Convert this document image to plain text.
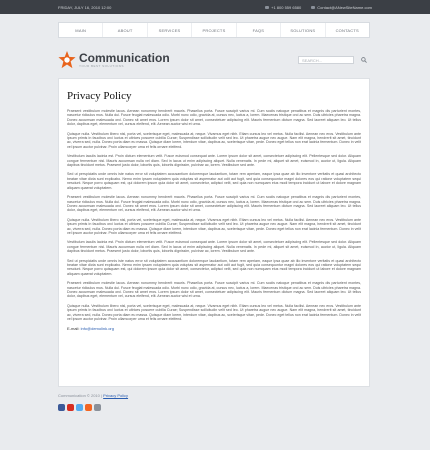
FRIDAY, JULY 16, 2010 12:00	+1 800 559 6580	Contact@ANewSiteName.com
MAIN	ABOUT	SERVICES	PROJECTS	FAQS	SOLUTIONS	CONTACTS
Communication
YOUR BEST SOLUTIONS
SEARCH...
Privacy Policy

Praesent vestibulum molestie lacus. Aenean nonummy hendrerit mauris. Phasellus porta. Fusce suscipit varius mi. Cum sociis natoque penatibus et magnis dis parturient montes, nascetur ridiculus mus. Nulla dui. Fusce feugiat malesuada odio. Morbi nunc odio, gravida at, cursus nec, luctus a, lorem. Maecenas tristique orci ac sem. Duis ultricies pharetra magna. Donec accumsan malesuada orci. Donec sit amet eros. Lorem ipsum dolor sit amet, consectetuer adipiscing elit. Mauris fermentum dictum magna. Sed laoreet aliquam leo. Ut tellus dolor, dapibus eget, elementum vel, cursus eleifend, elit. Aenean auctor wisi et urna.

Quisque nulla. Vestibulum libero nisl, porta vel, scelerisque eget, malesuada at, neque. Vivamus eget nibh. Etiam cursus leo vel metus. Nulla facilisi. Aenean nec eros. Vestibulum ante ipsum primis in faucibus orci luctus et ultrices posuere cubilia Curae; Suspendisse sollicitudin velit sed leo. Ut pharetra augue nec augue. Nam elit magna, hendrerit sit amet, tincidunt ac, viverra sed, nulla. Donec porta diam eu massa. Quisque diam lorem, interdum vitae, dapibus ac, scelerisque vitae, pede. Donec eget tellus non erat lacinia fermentum. Donec in velit vel ipsum auctor pulvinar. Proin ullamcorper urna et felis ornare eleifend.

Vestibulum iaculis lacinia est. Proin dictum elementum velit. Fusce euismod consequat ante. Lorem ipsum dolor sit amet, consectetuer adipiscing elit. Pellentesque sed dolor. Aliquam congue fermentum nisl. Mauris accumsan nulla vel diam. Sed in lacus ut enim adipiscing aliquet. Nulla venenatis. In pede mi, aliquet sit amet, euismod in, auctor ut, ligula. Aliquam dapibus tincidunt metus. Praesent justo dolor, lobortis quis, lobortis dignissim, pulvinar ac, lorem. Vestibulum sed ante.

Sed ut perspiciatis unde omnis iste natus error sit voluptatem accusantium doloremque laudantium, totam rem aperiam, eaque ipsa quae ab illo inventore veritatis et quasi architecto beatae vitae dicta sunt explicabo. Nemo enim ipsam voluptatem quia voluptas sit aspernatur aut odit aut fugit, sed quia consequuntur magni dolores eos qui ratione voluptatem sequi nesciunt. Neque porro quisquam est, qui dolorem ipsum quia dolor sit amet, consectetur, adipisci velit, sed quia non numquam eius modi tempora incidunt ut labore et dolore magnam aliquam quaerat voluptatem.

Praesent vestibulum molestie lacus. Aenean nonummy hendrerit mauris. Phasellus porta. Fusce suscipit varius mi. Cum sociis natoque penatibus et magnis dis parturient montes, nascetur ridiculus mus. Nulla dui. Fusce feugiat malesuada odio. Morbi nunc odio, gravida at, cursus nec, luctus a, lorem. Maecenas tristique orci ac sem. Duis ultricies pharetra magna. Donec accumsan malesuada orci. Donec sit amet eros. Lorem ipsum dolor sit amet, consectetuer adipiscing elit. Mauris fermentum dictum magna. Sed laoreet aliquam leo. Ut tellus dolor, dapibus eget, elementum vel, cursus eleifend, elit. Aenean auctor wisi et urna.

Quisque nulla. Vestibulum libero nisl, porta vel, scelerisque eget, malesuada at, neque. Vivamus eget nibh. Etiam cursus leo vel metus. Nulla facilisi. Aenean nec eros. Vestibulum ante ipsum primis in faucibus orci luctus et ultrices posuere cubilia Curae; Suspendisse sollicitudin velit sed leo. Ut pharetra augue nec augue. Nam elit magna, hendrerit sit amet, tincidunt ac, viverra sed, nulla. Donec porta diam eu massa. Quisque diam lorem, interdum vitae, dapibus ac, scelerisque vitae, pede. Donec eget tellus non erat lacinia fermentum. Donec in velit vel ipsum auctor pulvinar. Proin ullamcorper urna et felis ornare eleifend.

Vestibulum iaculis lacinia est. Proin dictum elementum velit. Fusce euismod consequat ante. Lorem ipsum dolor sit amet, consectetuer adipiscing elit. Pellentesque sed dolor. Aliquam congue fermentum nisl. Mauris accumsan nulla vel diam. Sed in lacus ut enim adipiscing aliquet. Nulla venenatis. In pede mi, aliquet sit amet, euismod in, auctor ut, ligula. Aliquam dapibus tincidunt metus. Praesent justo dolor, lobortis quis, lobortis dignissim, pulvinar ac, lorem. Vestibulum sed ante.

Sed ut perspiciatis unde omnis iste natus error sit voluptatem accusantium doloremque laudantium, totam rem aperiam, eaque ipsa quae ab illo inventore veritatis et quasi architecto beatae vitae dicta sunt explicabo. Nemo enim ipsam voluptatem quia voluptas sit aspernatur aut odit aut fugit, sed quia consequuntur magni dolores eos qui ratione voluptatem sequi nesciunt. Neque porro quisquam est, qui dolorem ipsum quia dolor sit amet, consectetur, adipisci velit, sed quia non numquam eius modi tempora incidunt ut labore et dolore magnam aliquam quaerat voluptatem.

Praesent vestibulum molestie lacus. Aenean nonummy hendrerit mauris. Phasellus porta. Fusce suscipit varius mi. Cum sociis natoque penatibus et magnis dis parturient montes, nascetur ridiculus mus. Nulla dui. Fusce feugiat malesuada odio. Morbi nunc odio, gravida at, cursus nec, luctus a, lorem. Maecenas tristique orci ac sem. Duis ultricies pharetra magna. Donec accumsan malesuada orci. Donec sit amet eros. Lorem ipsum dolor sit amet, consectetuer adipiscing elit. Mauris fermentum dictum magna. Sed laoreet aliquam leo. Ut tellus dolor, dapibus eget, elementum vel, cursus eleifend, elit. Aenean auctor wisi et urna.

Quisque nulla. Vestibulum libero nisl, porta vel, scelerisque eget, malesuada at, neque. Vivamus eget nibh. Etiam cursus leo vel metus. Nulla facilisi. Aenean nec eros. Vestibulum ante ipsum primis in faucibus orci luctus et ultrices posuere cubilia Curae; Suspendisse sollicitudin velit sed leo. Ut pharetra augue nec augue. Nam elit magna, hendrerit sit amet, tincidunt ac, viverra sed, nulla. Donec porta diam eu massa. Quisque diam lorem, interdum vitae, dapibus ac, scelerisque vitae, pede. Donec eget tellus non erat lacinia fermentum. Donec in velit vel ipsum auctor pulvinar. Proin ullamcorper urna et felis ornare eleifend.

E-mail: info@demolink.org
Communication © 2010 | Privacy Policy
